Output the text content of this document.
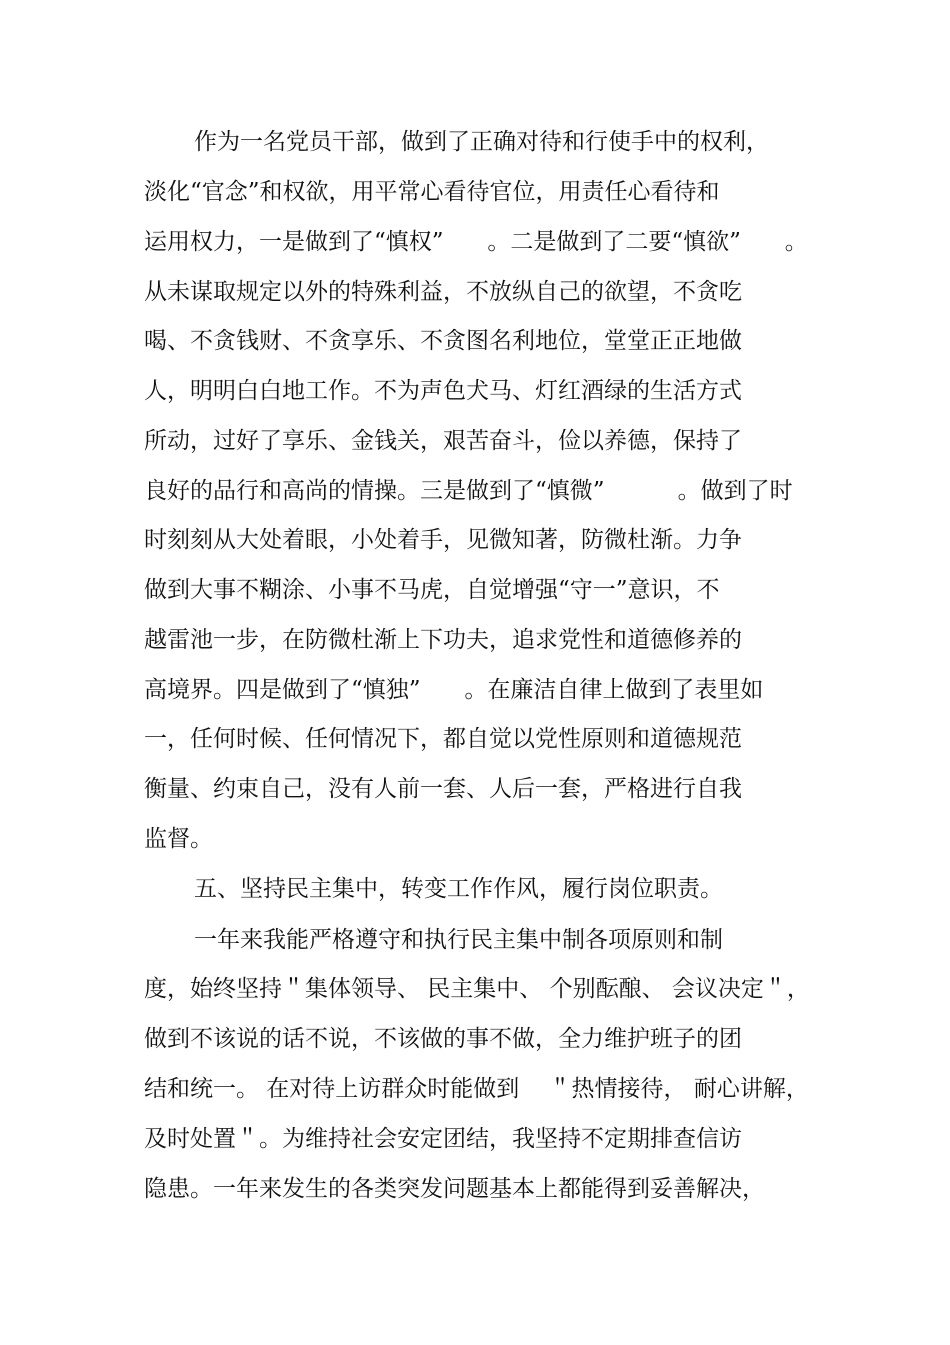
作为一名党员干部，做到了正确对待和行使手中的权利，
淡化“官念”和权欲，用平常心看待官位，用责任心看待和
运用权力，一是做到了“慎权”      。二是做到了二要“慎欲”      。
从未谋取规定以外的特殊利益，不放纵自己的欲望，不贪吃
喝、不贪钱财、不贪享乐、不贪图名利地位，堂堂正正地做
人，明明白白地工作。不为声色犬马、灯红酒绿的生活方式
所动，过好了享乐、金钱关，艰苦奋斗，俭以养德，保持了
良好的品行和高尚的情操。三是做到了“慎微”          。做到了时
时刻刻从大处着眼，小处着手，见微知著，防微杜渐。力争
做到大事不糊涂、小事不马虎，自觉增强“守一”意识，不
越雷池一步，在防微杜渐上下功夫，追求党性和道德修养的
高境界。四是做到了“慎独”      。在廉洁自律上做到了表里如
一，任何时候、任何情况下，都自觉以党性原则和道德规范
衡量、约束自己，没有人前一套、人后一套，严格进行自我
监督。
五、坚持民主集中，转变工作作风，履行岗位职责。
一年来我能严格遵守和执行民主集中制各项原则和制
度，始终坚持＂集体领导、 民主集中、 个别酝酿、 会议决定＂，
做到不该说的话不说，不该做的事不做，全力维护班子的团
结和统一。 在对待上访群众时能做到    ＂热情接待， 耐心讲解，
及时处置＂。为维持社会安定团结，我坚持不定期排查信访
隐患。一年来发生的各类突发问题基本上都能得到妥善解决，
